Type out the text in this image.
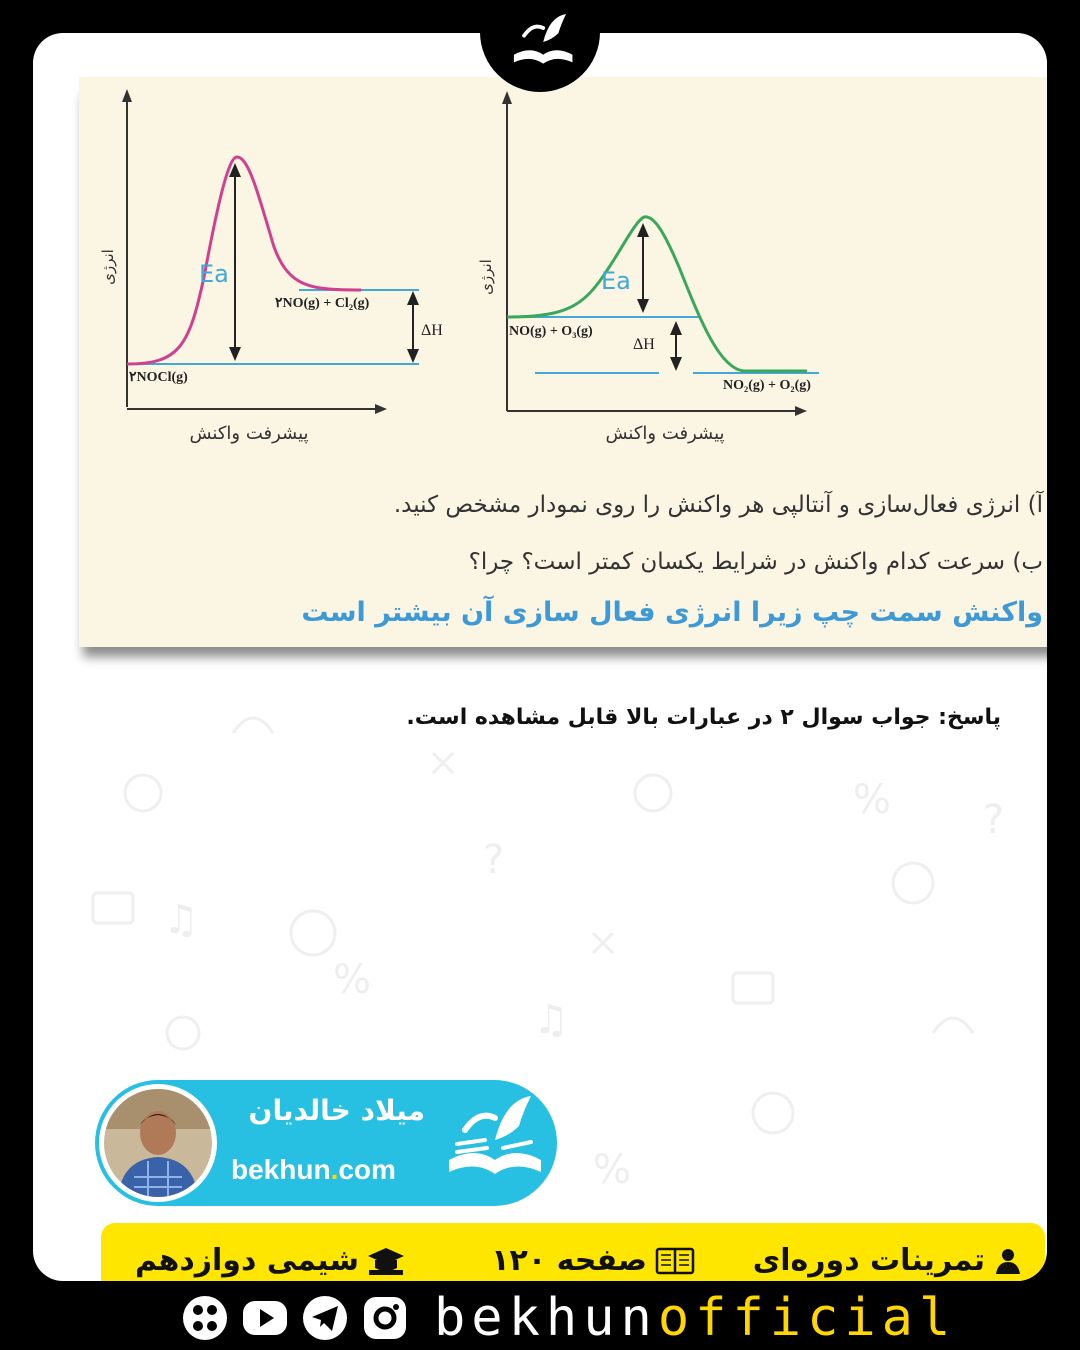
%
%
%
?
?
♫
♫
Ea
ΔH
۲NOCl(g)
۲NO(g) + Cl₂(g)
انرژی
پیشرفت واکنش
Ea
ΔH
NO(g) + O₃(g)
NO₂(g) + O₂(g)
انرژی
پیشرفت واکنش
آ) انرژی فعال‌سازی و آنتالپی هر واکنش را روی نمودار مشخص کنید.
ب) سرعت کدام واکنش در شرایط یکسان کمتر است؟ چرا؟
واکنش سمت چپ زیرا انرژی فعال سازی آن بیشتر است
پاسخ: جواب سوال ۲ در عبارات بالا قابل مشاهده است.
میلاد خالدیان
bekhun.com
تمرینات دوره‌ای
صفحه ۱۲۰
شیمی دوازدهم
bekhunofficial
